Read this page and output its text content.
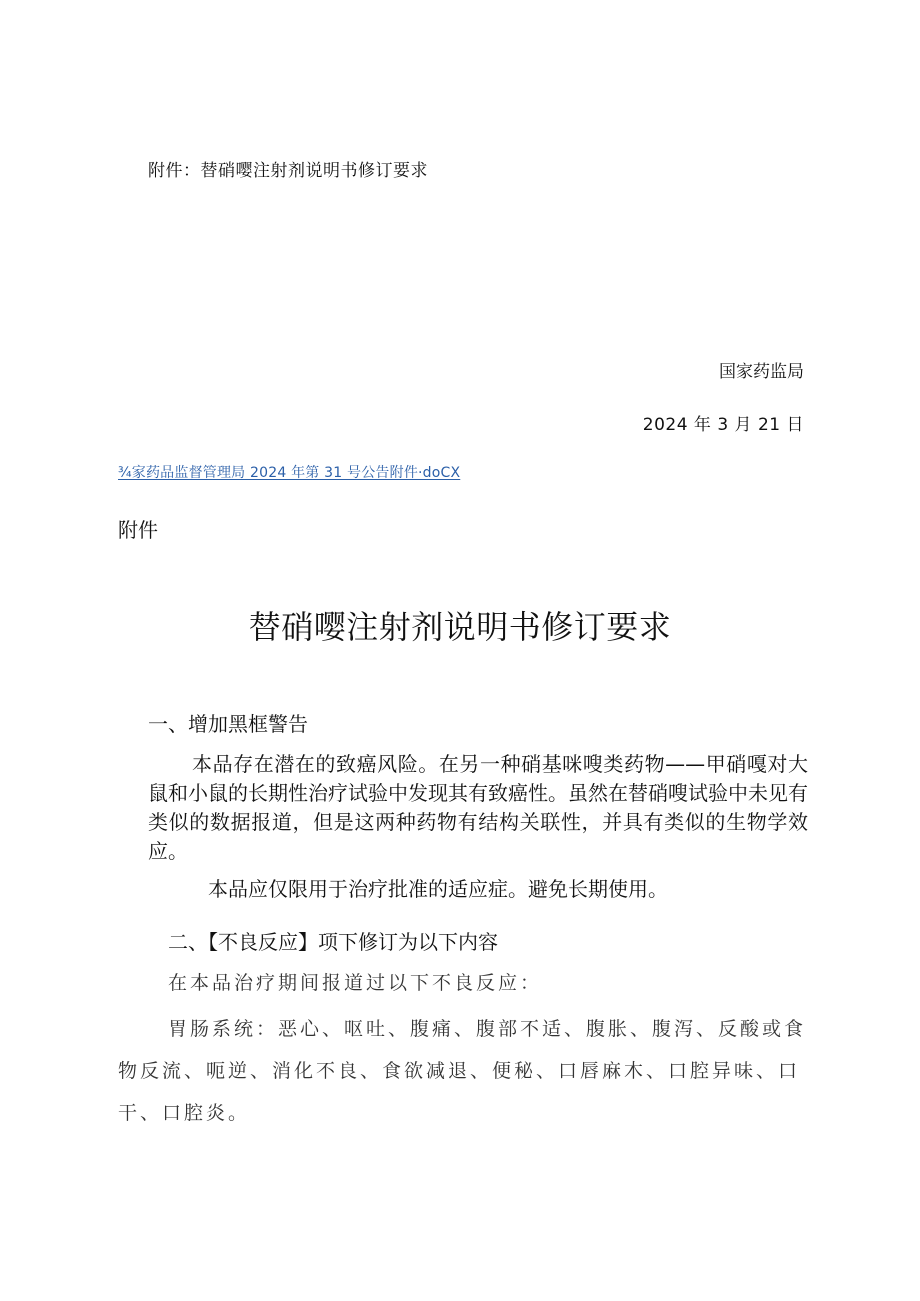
附件：替硝嘤注射剂说明书修订要求
国家药监局
2024 年 3 月 21 日
¾家药品监督管理局 2024 年第 31 号公告附件·doCX
附件
替硝嘤注射剂说明书修订要求
一、增加黑框警告
本品存在潜在的致癌风险。在另一种硝基咪嗖类药物——甲硝嘎对大鼠和小鼠的长期性治疗试验中发现其有致癌性。虽然在替硝嗖试验中未见有类似的数据报道，但是这两种药物有结构关联性，并具有类似的生物学效应。
本品应仅限用于治疗批准的适应症。避免长期使用。
二、【不良反应】项下修订为以下内容
在本品治疗期间报道过以下不良反应：
胃肠系统：恶心、呕吐、腹痛、腹部不适、腹胀、腹泻、反酸或食物反流、呃逆、消化不良、食欲减退、便秘、口唇麻木、口腔异味、口干、口腔炎。
